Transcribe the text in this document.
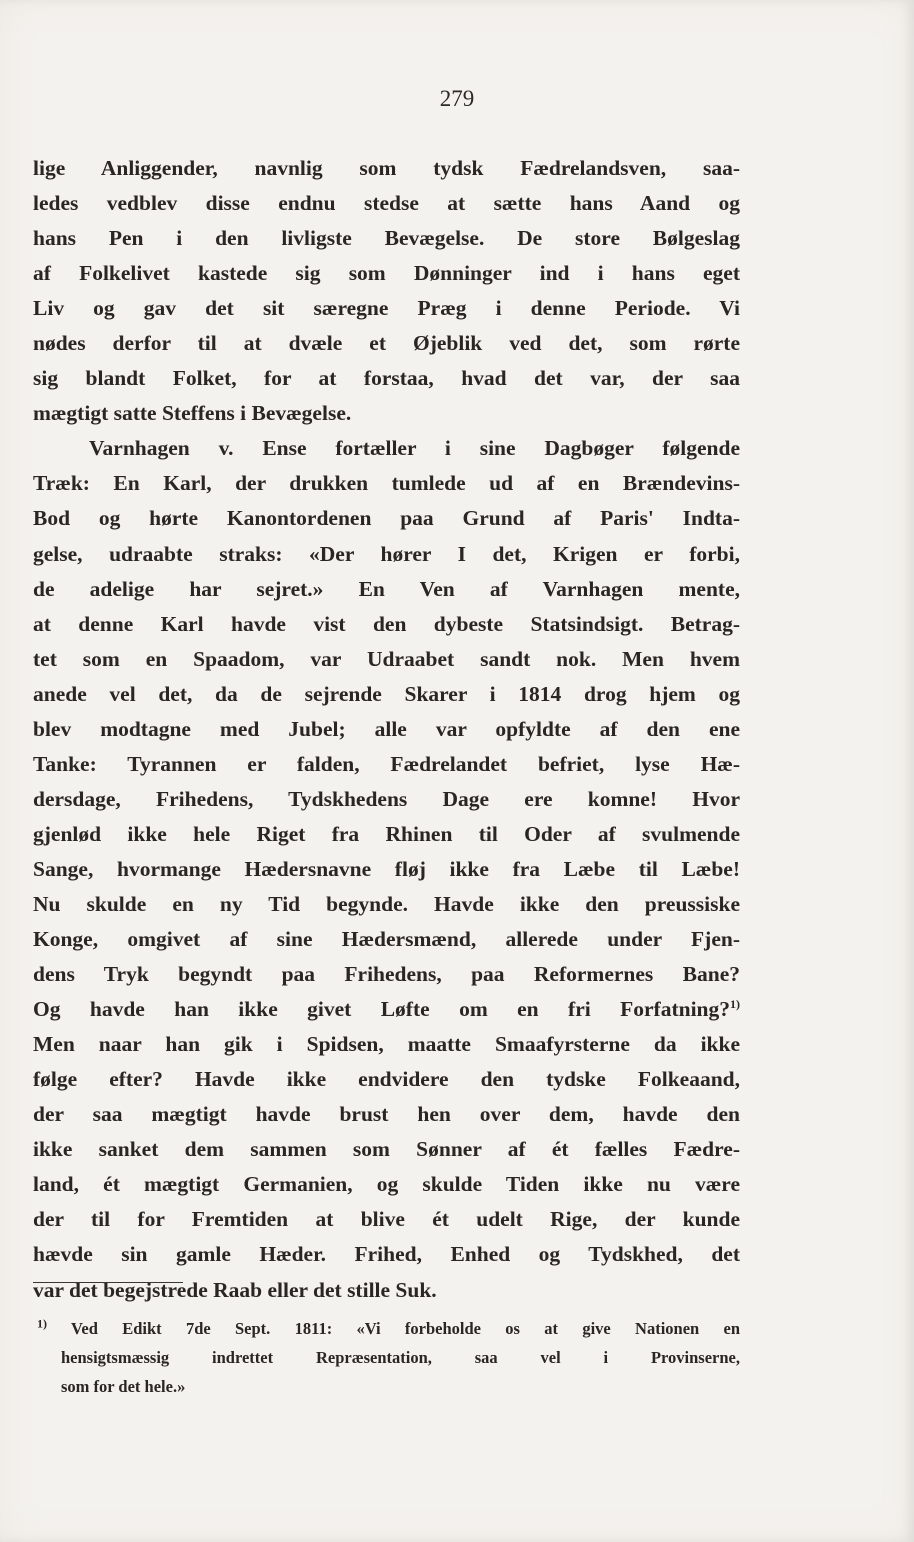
279
lige Anliggender, navnlig som tydsk Fædrelandsven, saa-
ledes vedblev disse endnu stedse at sætte hans Aand og
hans Pen i den livligste Bevægelse. De store Bølgeslag
af Folkelivet kastede sig som Dønninger ind i hans eget
Liv og gav det sit særegne Præg i denne Periode. Vi
nødes derfor til at dvæle et Øjeblik ved det, som rørte
sig blandt Folket, for at forstaa, hvad det var, der saa
mægtigt satte Steffens i Bevægelse.
Varnhagen v. Ense fortæller i sine Dagbøger følgende
Træk: En Karl, der drukken tumlede ud af en Brændevins-
Bod og hørte Kanontordenen paa Grund af Paris' Indta-
gelse, udraabte straks: «Der hører I det, Krigen er forbi,
de adelige har sejret.» En Ven af Varnhagen mente,
at denne Karl havde vist den dybeste Statsindsigt. Betrag-
tet som en Spaadom, var Udraabet sandt nok. Men hvem
anede vel det, da de sejrende Skarer i 1814 drog hjem og
blev modtagne med Jubel; alle var opfyldte af den ene
Tanke: Tyrannen er falden, Fædrelandet befriet, lyse Hæ-
dersdage, Frihedens, Tydskhedens Dage ere komne! Hvor
gjenlød ikke hele Riget fra Rhinen til Oder af svulmende
Sange, hvormange Hædersnavne fløj ikke fra Læbe til Læbe!
Nu skulde en ny Tid begynde. Havde ikke den preussiske
Konge, omgivet af sine Hædersmænd, allerede under Fjen-
dens Tryk begyndt paa Frihedens, paa Reformernes Bane?
Og havde han ikke givet Løfte om en fri Forfatning?$^{1)}$
Men naar han gik i Spidsen, maatte Smaafyrsterne da ikke
følge efter? Havde ikke endvidere den tydske Folkeaand,
der saa mægtigt havde brust hen over dem, havde den
ikke sanket dem sammen som Sønner af ét fælles Fædre-
land, ét mægtigt Germanien, og skulde Tiden ikke nu være
der til for Fremtiden at blive ét udelt Rige, der kunde
hævde sin gamle Hæder. Frihed, Enhed og Tydskhed, det
var det begejstrede Raab eller det stille Suk.
$^{1)}$ Ved Edikt 7de Sept. 1811: «Vi forbeholde os at give Nationen en
hensigtsmæssig indrettet Repræsentation, saa vel i Provinserne,
som for det hele.»
